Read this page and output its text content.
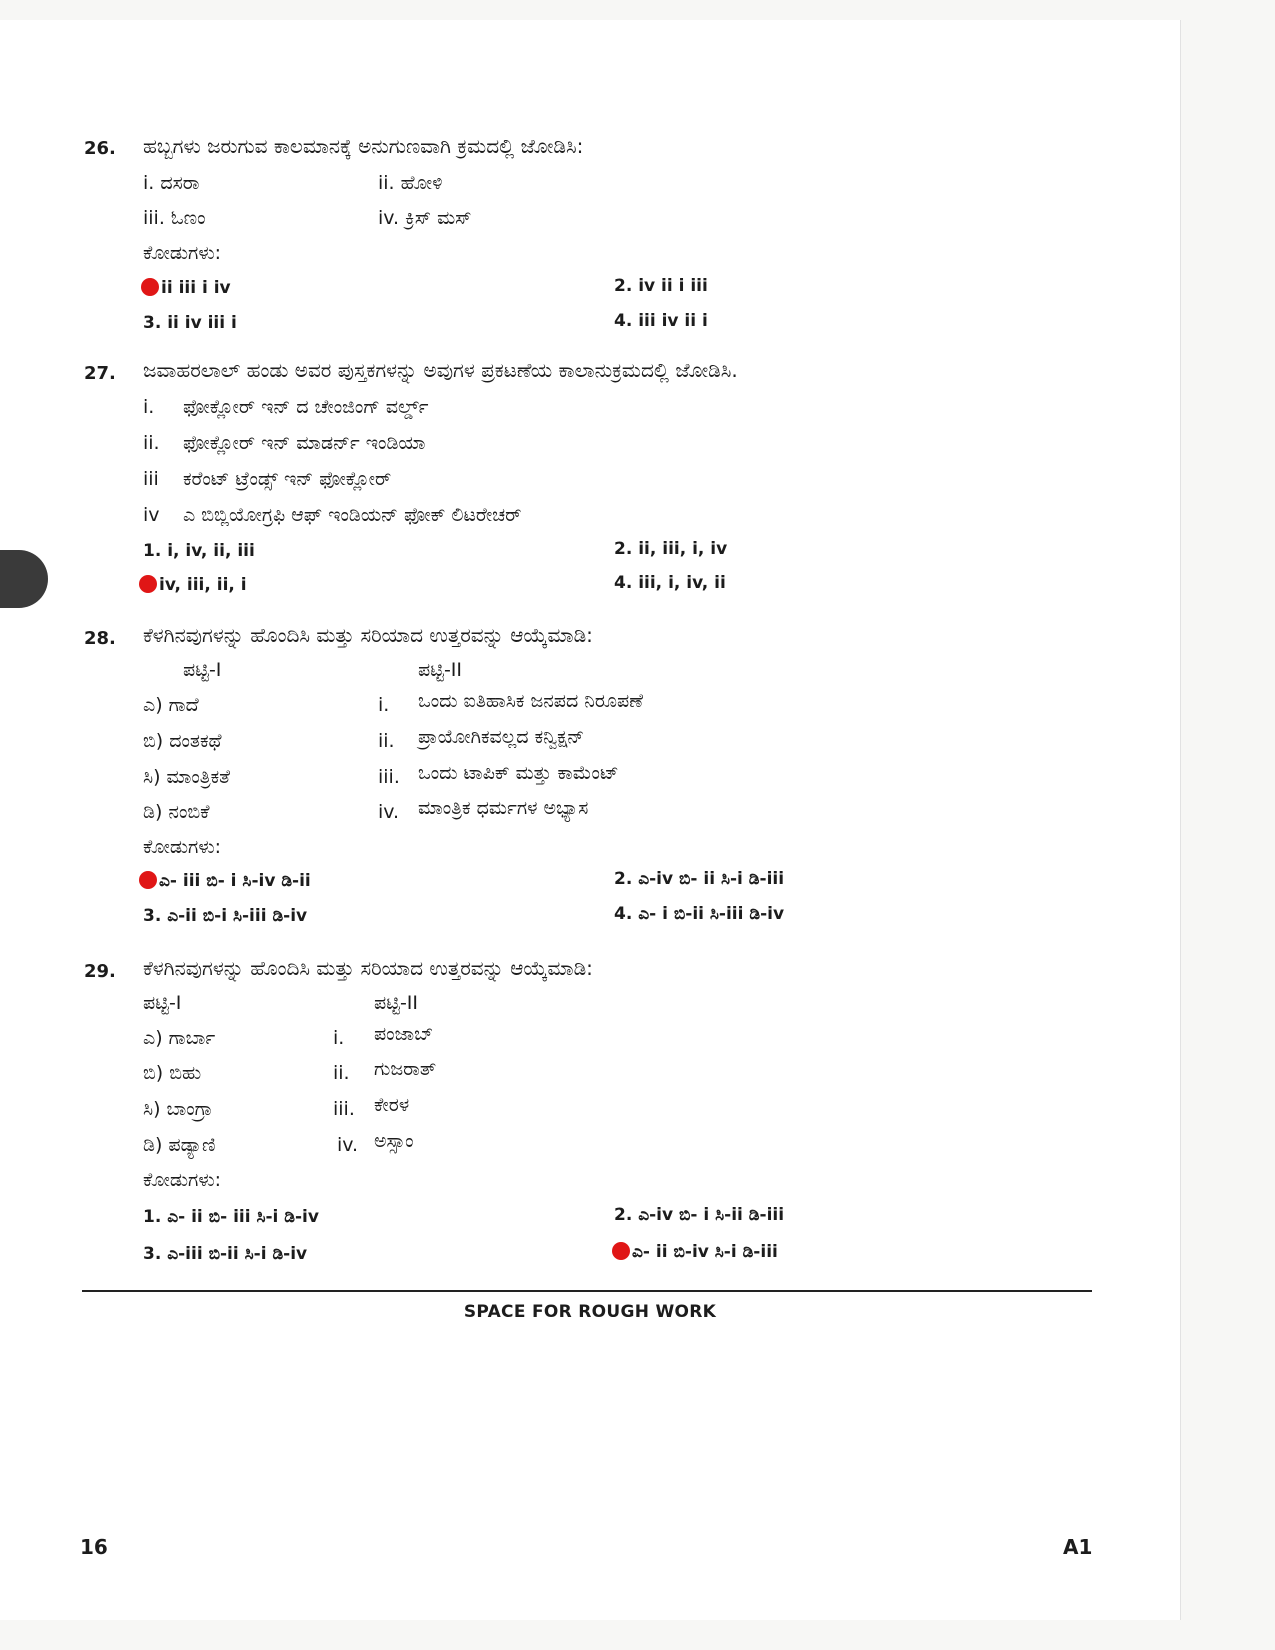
26. ಹಬ್ಬಗಳು ಜರುಗುವ ಕಾಲಮಾನಕ್ಕೆ ಅನುಗುಣವಾಗಿ ಕ್ರಮದಲ್ಲಿ ಜೋಡಿಸಿ:
i. ದಸರಾ	ii. ಹೋಳಿ
iii. ಓಣಂ	iv. ಕ್ರಿಸ್ ಮಸ್
ಕೋಡುಗಳು:
ii iii i iv	2. iv ii i iii
3. ii iv iii i	4. iii iv ii i
27. ಜವಾಹರಲಾಲ್ ಹಂಡು ಅವರ ಪುಸ್ತಕಗಳನ್ನು ಅವುಗಳ ಪ್ರಕಟಣೆಯ ಕಾಲಾನುಕ್ರಮದಲ್ಲಿ ಜೋಡಿಸಿ.
i. ಫೋಕ್ಲೋರ್ ಇನ್ ದ ಚೇಂಜಿಂಗ್ ವರ್ಲ್ಡ್
ii. ಫೋಕ್ಲೋರ್ ಇನ್ ಮಾಡರ್ನ್ ಇಂಡಿಯಾ
iii ಕರೆಂಟ್ ಟ್ರೆಂಡ್ಸ್ ಇನ್ ಫೋಕ್ಲೋರ್
iv ಎ ಬಿಬ್ಲಿಯೋಗ್ರಫಿ ಆಫ್ ಇಂಡಿಯನ್ ಫೋಕ್ ಲಿಟರೇಚರ್
1. i, iv, ii, iii	2. ii, iii, i, iv
iv, iii, ii, i	4. iii, i, iv, ii
28. ಕೆಳಗಿನವುಗಳನ್ನು ಹೊಂದಿಸಿ ಮತ್ತು ಸರಿಯಾದ ಉತ್ತರವನ್ನು ಆಯ್ಕೆಮಾಡಿ:
ಪಟ್ಟಿ-I	ಪಟ್ಟಿ-II
ಎ) ಗಾದೆ	i. ಒಂದು ಐತಿಹಾಸಿಕ ಜನಪದ ನಿರೂಪಣೆ
ಬಿ) ದಂತಕಥೆ	ii. ಪ್ರಾಯೋಗಿಕವಲ್ಲದ ಕನ್ವಿಕ್ಷನ್
ಸಿ) ಮಾಂತ್ರಿಕತೆ	iii. ಒಂದು ಟಾಪಿಕ್ ಮತ್ತು ಕಾಮೆಂಟ್
ಡಿ) ನಂಬಿಕೆ	iv. ಮಾಂತ್ರಿಕ ಧರ್ಮಗಳ ಅಭ್ಯಾಸ
ಕೋಡುಗಳು:
ಎ- iii ಬಿ- i ಸಿ-iv ಡಿ-ii	2. ಎ-iv ಬಿ- ii ಸಿ-i ಡಿ-iii
3. ಎ-ii ಬಿ-i ಸಿ-iii ಡಿ-iv	4. ಎ- i ಬಿ-ii ಸಿ-iii ಡಿ-iv
29. ಕೆಳಗಿನವುಗಳನ್ನು ಹೊಂದಿಸಿ ಮತ್ತು ಸರಿಯಾದ ಉತ್ತರವನ್ನು ಆಯ್ಕೆಮಾಡಿ:
ಪಟ್ಟಿ-I	ಪಟ್ಟಿ-II
ಎ) ಗಾರ್ಬಾ	i. ಪಂಜಾಬ್
ಬಿ) ಬಿಹು	ii. ಗುಜರಾತ್
ಸಿ) ಬಾಂಗ್ರಾ	iii. ಕೇರಳ
ಡಿ) ಪಡ್ಯಾಣಿ	iv. ಅಸ್ಸಾಂ
ಕೋಡುಗಳು:
1. ಎ- ii ಬಿ- iii ಸಿ-i ಡಿ-iv	2. ಎ-iv ಬಿ- i ಸಿ-ii ಡಿ-iii
3. ಎ-iii ಬಿ-ii ಸಿ-i ಡಿ-iv	ಎ- ii ಬಿ-iv ಸಿ-i ಡಿ-iii
SPACE FOR ROUGH WORK
16	A1
